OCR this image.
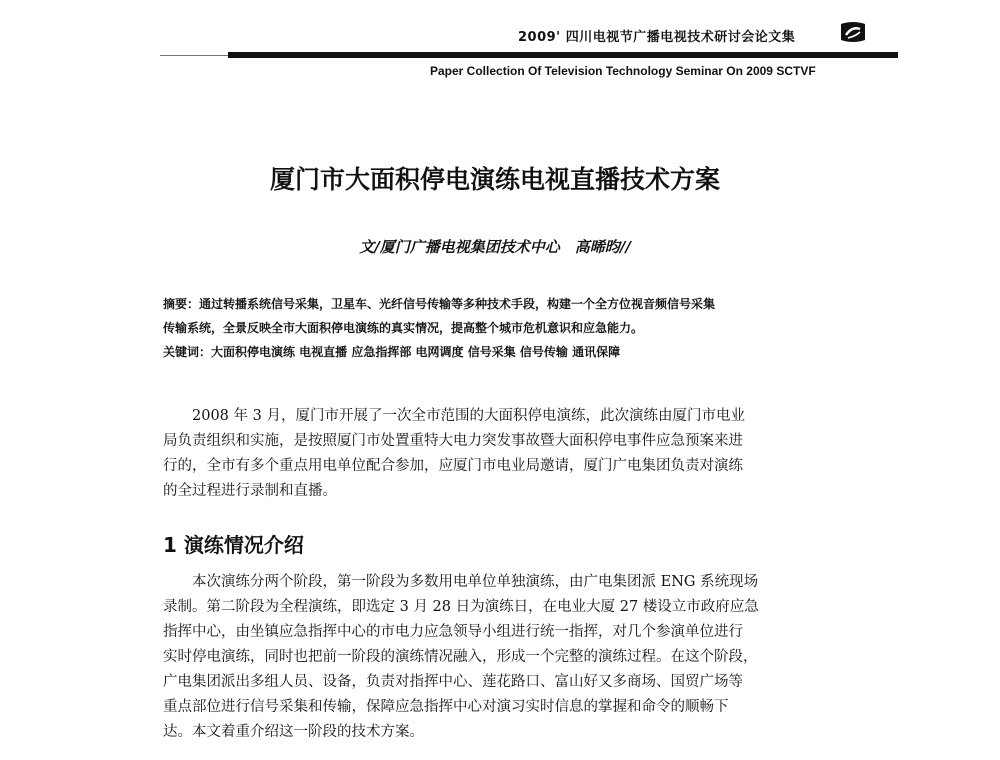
2009' 四川电视节广播电视技术研讨会论文集
Paper Collection Of Television Technology Seminar On 2009 SCTVF
厦门市大面积停电演练电视直播技术方案
文/厦门广播电视集团技术中心　高晞昀//
摘要：通过转播系统信号采集，卫星车、光纤信号传输等多种技术手段，构建一个全方位视音频信号采集
传输系统，全景反映全市大面积停电演练的真实情况，提高整个城市危机意识和应急能力。
关键词：大面积停电演练 电视直播 应急指挥部 电网调度 信号采集 信号传输 通讯保障
　　2008 年 3 月，厦门市开展了一次全市范围的大面积停电演练，此次演练由厦门市电业
局负责组织和实施，是按照厦门市处置重特大电力突发事故暨大面积停电事件应急预案来进
行的，全市有多个重点用电单位配合参加，应厦门市电业局邀请，厦门广电集团负责对演练
的全过程进行录制和直播。
1 演练情况介绍
　　本次演练分两个阶段，第一阶段为多数用电单位单独演练，由广电集团派 ENG 系统现场
录制。第二阶段为全程演练，即选定 3 月 28 日为演练日，在电业大厦 27 楼设立市政府应急
指挥中心，由坐镇应急指挥中心的市电力应急领导小组进行统一指挥，对几个参演单位进行
实时停电演练，同时也把前一阶段的演练情况融入，形成一个完整的演练过程。在这个阶段，
广电集团派出多组人员、设备，负责对指挥中心、莲花路口、富山好又多商场、国贸广场等
重点部位进行信号采集和传输，保障应急指挥中心对演习实时信息的掌握和命令的顺畅下
达。本文着重介绍这一阶段的技术方案。
